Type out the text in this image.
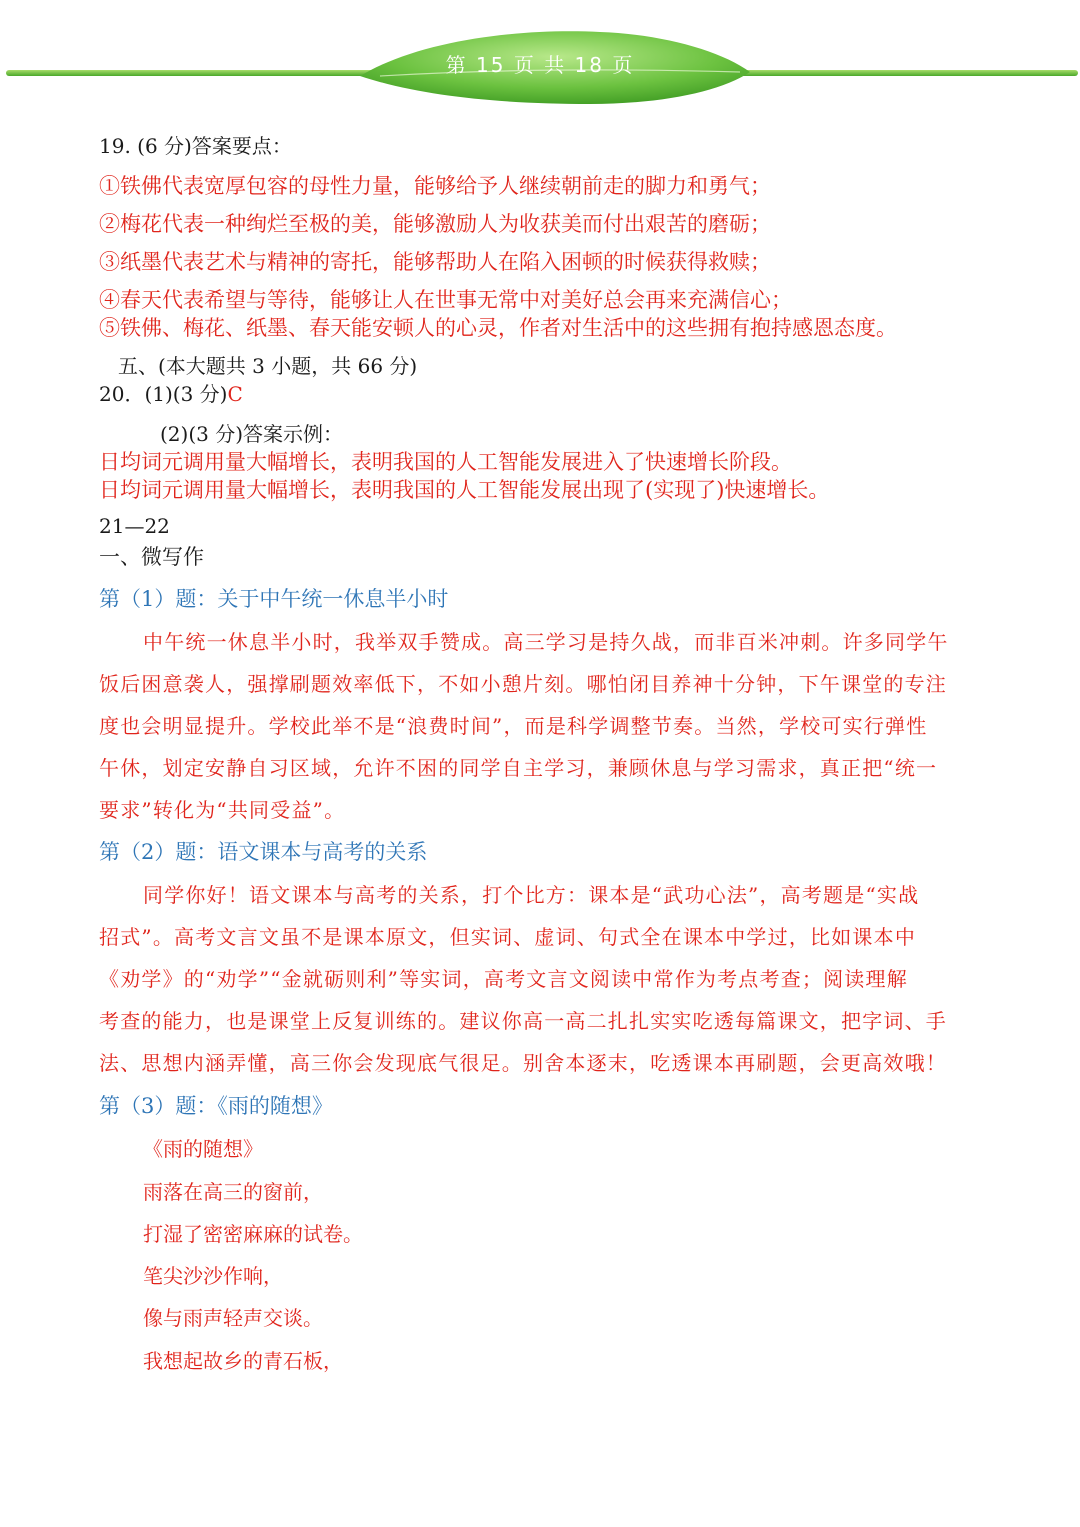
第 15 页 共 18 页
19. (6 分)答案要点：
①铁佛代表宽厚包容的母性力量，能够给予人继续朝前走的脚力和勇气；
②梅花代表一种绚烂至极的美，能够激励人为收获美而付出艰苦的磨砺；
③纸墨代表艺术与精神的寄托，能够帮助人在陷入困顿的时候获得救赎；
④春天代表希望与等待，能够让人在世事无常中对美好总会再来充满信心；
⑤铁佛、梅花、纸墨、春天能安顿人的心灵，作者对生活中的这些拥有抱持感恩态度。
五、(本大题共 3 小题，共 66 分)
20．(1)(3 分)C
(2)(3 分)答案示例：
日均词元调用量大幅增长，表明我国的人工智能发展进入了快速增长阶段。
日均词元调用量大幅增长，表明我国的人工智能发展出现了(实现了)快速增长。
21—22
一、微写作
第（1）题：关于中午统一休息半小时
中午统一休息半小时，我举双手赞成。高三学习是持久战，而非百米冲刺。许多同学午
饭后困意袭人，强撑刷题效率低下，不如小憩片刻。哪怕闭目养神十分钟，下午课堂的专注
度也会明显提升。学校此举不是“浪费时间”，而是科学调整节奏。当然，学校可实行弹性
午休，划定安静自习区域，允许不困的同学自主学习，兼顾休息与学习需求，真正把“统一
要求”转化为“共同受益”。
第（2）题：语文课本与高考的关系
同学你好！语文课本与高考的关系，打个比方：课本是“武功心法”，高考题是“实战
招式”。高考文言文虽不是课本原文，但实词、虚词、句式全在课本中学过，比如课本中
《劝学》的“劝学”“金就砺则利”等实词，高考文言文阅读中常作为考点考查；阅读理解
考查的能力，也是课堂上反复训练的。建议你高一高二扎扎实实吃透每篇课文，把字词、手
法、思想内涵弄懂，高三你会发现底气很足。别舍本逐末，吃透课本再刷题，会更高效哦！
第（3）题：《雨的随想》
《雨的随想》
雨落在高三的窗前，
打湿了密密麻麻的试卷。
笔尖沙沙作响，
像与雨声轻声交谈。
我想起故乡的青石板，
